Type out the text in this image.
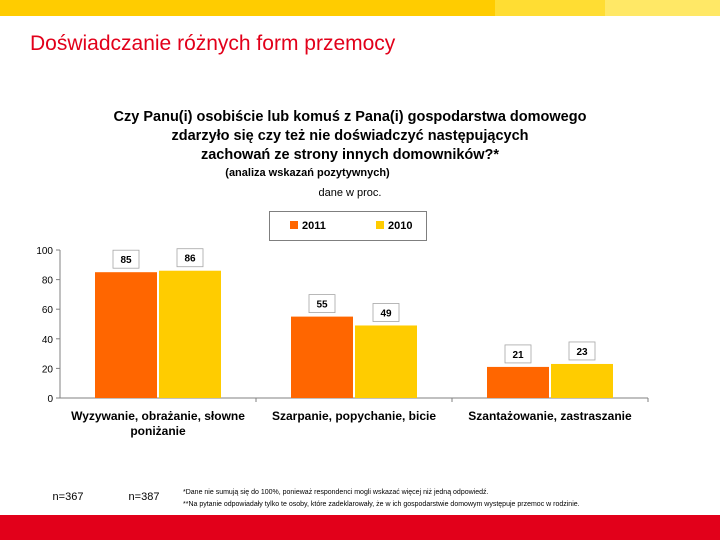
Doświadczanie różnych form przemocy
Czy Panu(i) osobiście lub komuś z Pana(i) gospodarstwa domowego
zdarzyło się czy też nie doświadczyć następujących
zachowań ze strony innych domowników?*
(analiza wskazań pozytywnych)
dane w proc.
2011	2010
0
20
40
60
80
100
85	86
Wyzywanie, obrażanie, słowne
poniżanie
55
49
Szarpanie, popychanie, bicie
21	23
Szantażowanie, zastraszanie
n=367	n=387	*Dane nie sumują się do 100%, ponieważ respondenci mogli wskazać więcej niż jedną odpowiedź.
**Na pytanie odpowiadały tylko te osoby, które zadeklarowały, że w ich gospodarstwie domowym występuje przemoc w rodzinie.
